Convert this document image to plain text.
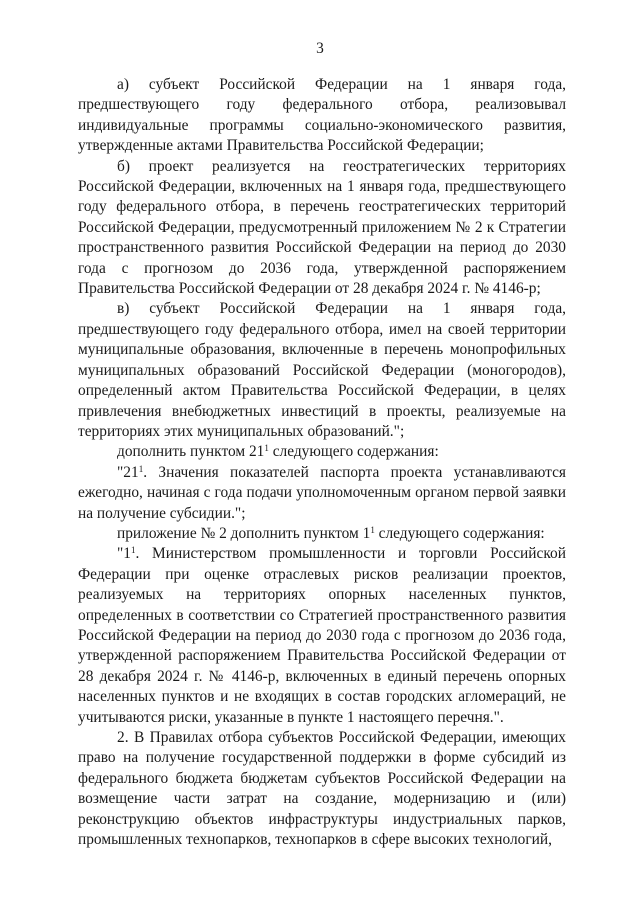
3

а) субъект Российской Федерации на 1 января года, предшествующего году федерального отбора, реализовывал индивидуальные программы социально-экономического развития, утвержденные актами Правительства Российской Федерации;

б) проект реализуется на геостратегических территориях Российской Федерации, включенных на 1 января года, предшествующего году федерального отбора, в перечень геостратегических территорий Российской Федерации, предусмотренный приложением № 2 к Стратегии пространственного развития Российской Федерации на период до 2030 года с прогнозом до 2036 года, утвержденной распоряжением Правительства Российской Федерации от 28 декабря 2024 г. № 4146-р;

в) субъект Российской Федерации на 1 января года, предшествующего году федерального отбора, имел на своей территории муниципальные образования, включенные в перечень монопрофильных муниципальных образований Российской Федерации (моногородов), определенный актом Правительства Российской Федерации, в целях привлечения внебюджетных инвестиций в проекты, реализуемые на территориях этих муниципальных образований.";

дополнить пунктом $21^1$ следующего содержания:

"$21^1$. Значения показателей паспорта проекта устанавливаются ежегодно, начиная с года подачи уполномоченным органом первой заявки на получение субсидии.";

приложение № 2 дополнить пунктом $1^1$ следующего содержания:

"$1^1$. Министерством промышленности и торговли Российской Федерации при оценке отраслевых рисков реализации проектов, реализуемых на территориях опорных населенных пунктов, определенных в соответствии со Стратегией пространственного развития Российской Федерации на период до 2030 года с прогнозом до 2036 года, утвержденной распоряжением Правительства Российской Федерации от 28 декабря 2024 г. № 4146-р, включенных в единый перечень опорных населенных пунктов и не входящих в состав городских агломераций, не учитываются риски, указанные в пункте 1 настоящего перечня.".

2. В Правилах отбора субъектов Российской Федерации, имеющих право на получение государственной поддержки в форме субсидий из федерального бюджета бюджетам субъектов Российской Федерации на возмещение части затрат на создание, модернизацию и (или) реконструкцию объектов инфраструктуры индустриальных парков, промышленных технопарков, технопарков в сфере высоких технологий,
